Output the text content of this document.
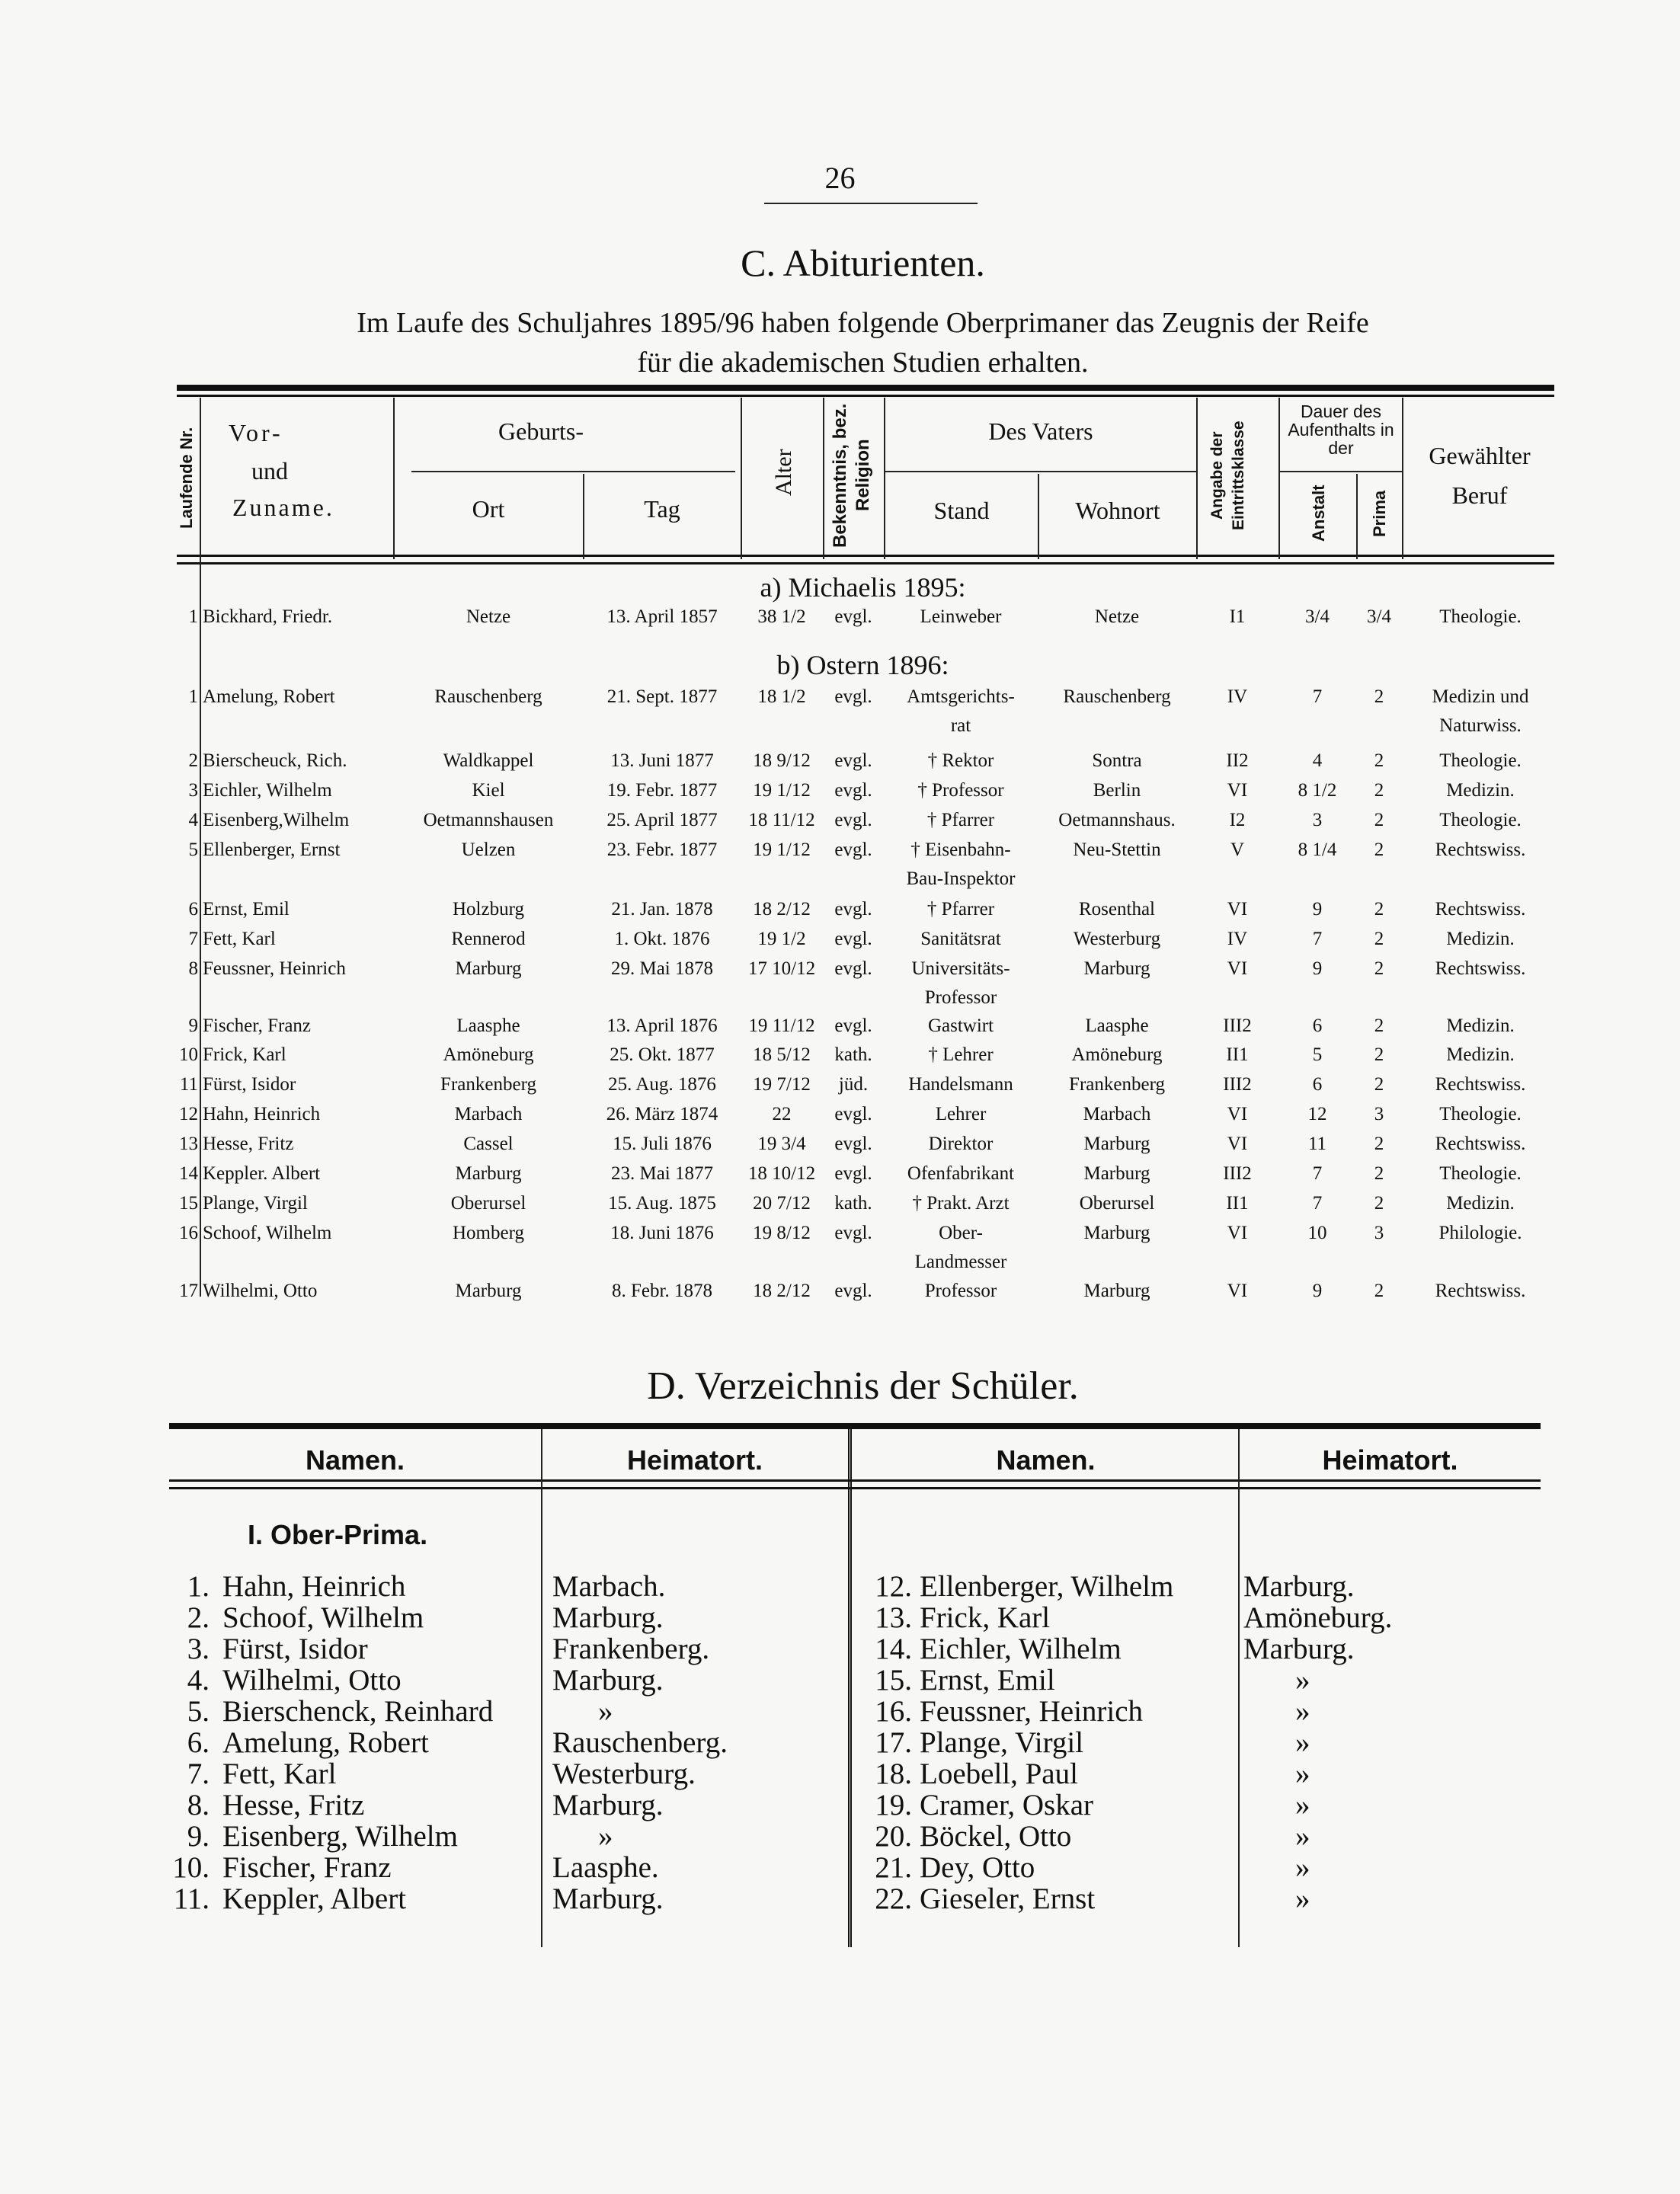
26
C. Abiturienten.
Im Laufe des Schuljahres 1895/96 haben folgende Oberprimaner das Zeugnis der Reife
für die akademischen Studien erhalten.
Laufende Nr. Vor-
und
Zuname.
Geburts-
Ort	Tag
Alter Bekenntnis, bez. Religion
Des Vaters
Stand	Wohnort	Angabe der Eintrittsklasse
Dauer des Aufenthalts in der
Anstalt	Prima
Gewählter
Beruf
a) Michaelis 1895:
b) Ostern 1896:
1 Bickhard, Friedr.	Netze	13. April 1857	38 1/2	evgl.	Leinweber	Netze	I1	3/4	3/4	Theologie.
1 Amelung, Robert	Rauschenberg	21. Sept. 1877	18 1/2	evgl.	Amtsgerichts-	Rauschenberg	IV	7	2	Medizin und
rat	Naturwiss.
2 Bierscheuck, Rich.	Waldkappel	13. Juni 1877	18 9/12	evgl.	† Rektor	Sontra	II2	4	2	Theologie.
3 Eichler, Wilhelm	Kiel	19. Febr. 1877	19 1/12	evgl.	† Professor	Berlin	VI	8 1/2	2	Medizin.
4 Eisenberg,Wilhelm	Oetmannshausen	25. April 1877	18 11/12	evgl.	† Pfarrer	Oetmannshaus.	I2	3	2	Theologie.
5 Ellenberger, Ernst	Uelzen	23. Febr. 1877	19 1/12	evgl.	† Eisenbahn-	Neu-Stettin	V	8 1/4	2	Rechtswiss.
Bau-Inspektor
6 Ernst, Emil	Holzburg	21. Jan. 1878	18 2/12	evgl.	† Pfarrer	Rosenthal	VI	9	2	Rechtswiss.
7 Fett, Karl	Rennerod	1. Okt. 1876	19 1/2	evgl.	Sanitätsrat	Westerburg	IV	7	2	Medizin.
8 Feussner, Heinrich	Marburg	29. Mai 1878	17 10/12	evgl.	Universitäts-	Marburg	VI	9	2	Rechtswiss.
Professor
9 Fischer, Franz	Laasphe	13. April 1876	19 11/12	evgl.	Gastwirt	Laasphe	III2	6	2	Medizin.
10 Frick, Karl	Amöneburg	25. Okt. 1877	18 5/12	kath.	† Lehrer	Amöneburg	II1	5	2	Medizin.
11 Fürst, Isidor	Frankenberg	25. Aug. 1876	19 7/12	jüd.	Handelsmann	Frankenberg	III2	6	2	Rechtswiss.
12 Hahn, Heinrich	Marbach	26. März 1874	22	evgl.	Lehrer	Marbach	VI	12	3	Theologie.
13 Hesse, Fritz	Cassel	15. Juli 1876	19 3/4	evgl.	Direktor	Marburg	VI	11	2	Rechtswiss.
14 Keppler. Albert	Marburg	23. Mai 1877	18 10/12	evgl.	Ofenfabrikant	Marburg	III2	7	2	Theologie.
15 Plange, Virgil	Oberursel	15. Aug. 1875	20 7/12	kath.	† Prakt. Arzt	Oberursel	II1	7	2	Medizin.
16 Schoof, Wilhelm	Homberg	18. Juni 1876	19 8/12	evgl.	Ober-	Marburg	VI	10	3	Philologie.
Landmesser
17 Wilhelmi, Otto	Marburg	8. Febr. 1878	18 2/12	evgl.	Professor	Marburg	VI	9	2	Rechtswiss.
D. Verzeichnis der Schüler.
Namen.	Heimatort.	Namen.	Heimatort.
I. Ober-Prima.
1. Hahn, Heinrich	Marbach.
2. Schoof, Wilhelm	Marburg.
3. Fürst, Isidor	Frankenberg.
4. Wilhelmi, Otto	Marburg.
5. Bierschenck, Reinhard	»
6. Amelung, Robert	Rauschenberg.
7. Fett, Karl	Westerburg.
8. Hesse, Fritz	Marburg.
9. Eisenberg, Wilhelm	»
10. Fischer, Franz	Laasphe.
11. Keppler, Albert	Marburg.
12. Ellenberger, Wilhelm Marburg.
13. Frick, Karl	Amöneburg.
14. Eichler, Wilhelm	Marburg.
15. Ernst, Emil	»
16. Feussner, Heinrich	»
17. Plange, Virgil	»
18. Loebell, Paul	»
19. Cramer, Oskar	»
20. Böckel, Otto	»
21. Dey, Otto	»
22. Gieseler, Ernst	»
